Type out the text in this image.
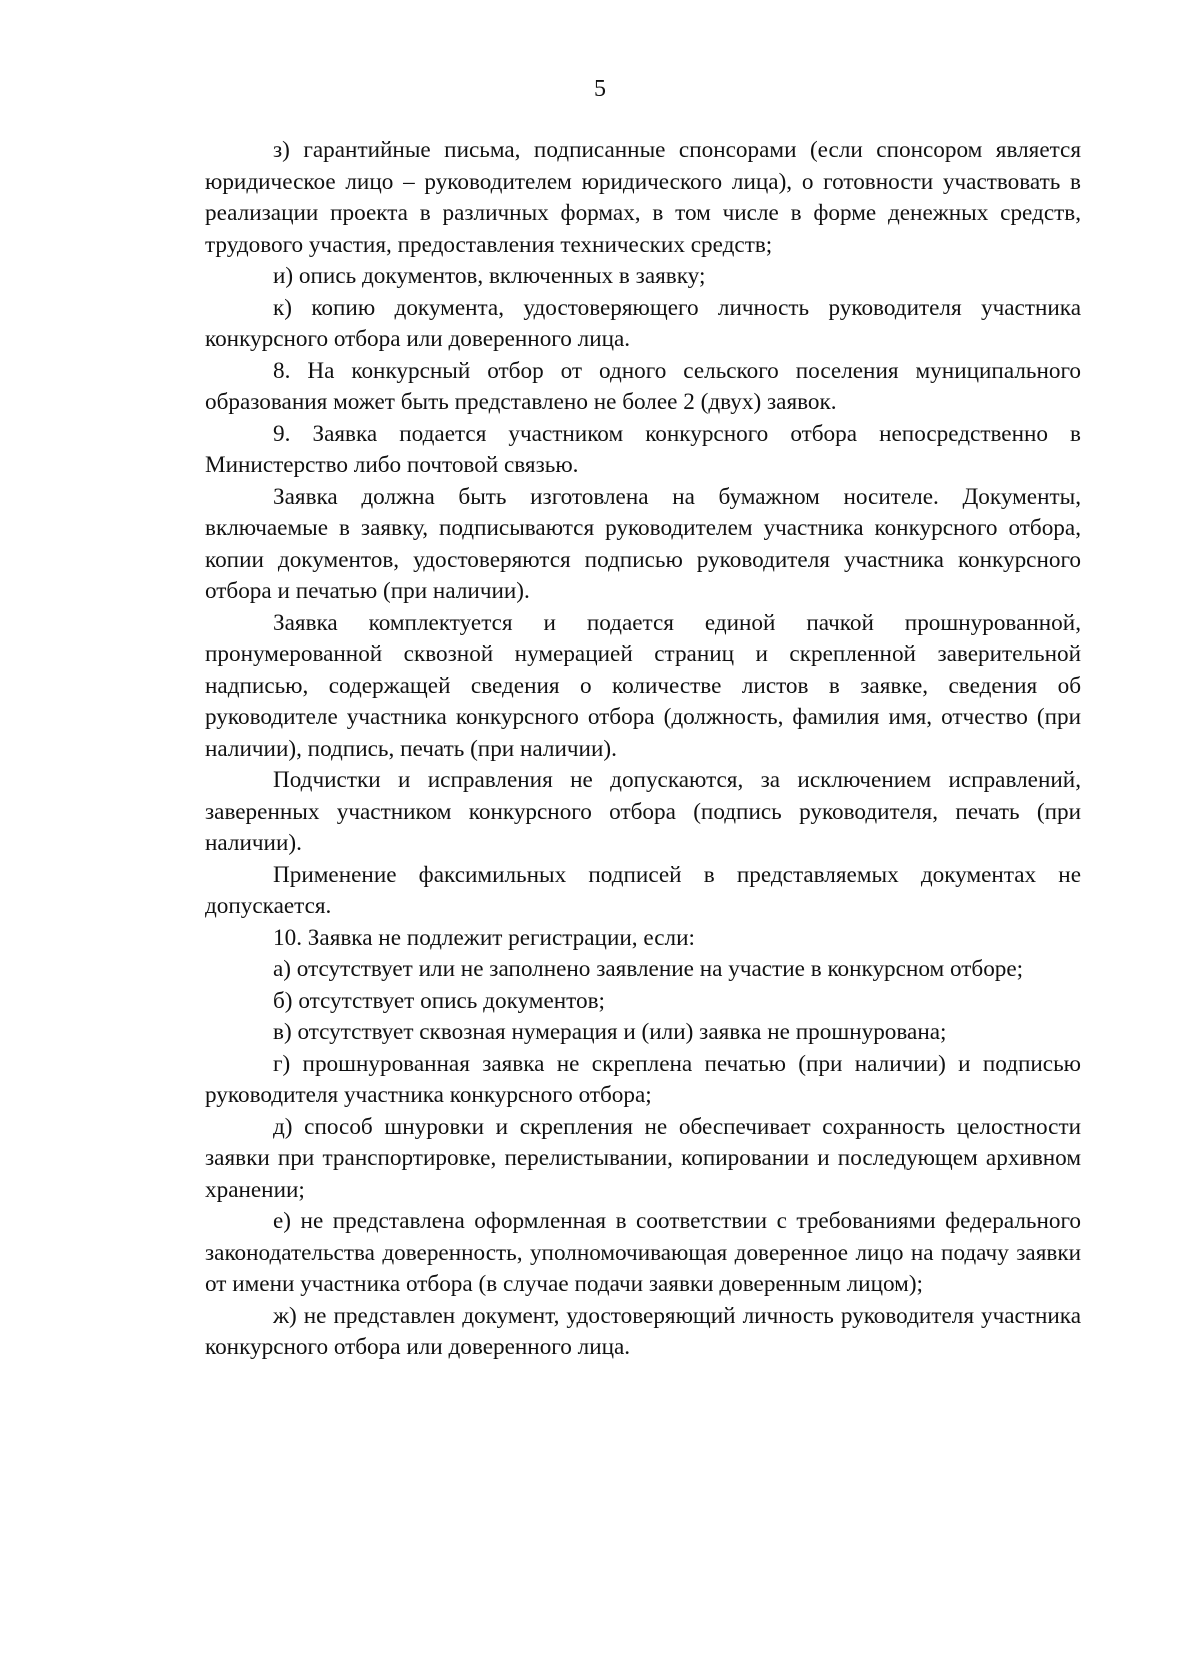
5

з) гарантийные письма, подписанные спонсорами (если спонсором является юридическое лицо – руководителем юридического лица), о готовности участвовать в реализации проекта в различных формах, в том числе в форме денежных средств, трудового участия, предоставления технических средств;

и) опись документов, включенных в заявку;

к) копию документа, удостоверяющего личность руководителя участника конкурсного отбора или доверенного лица.

8. На конкурсный отбор от одного сельского поселения муниципального образования может быть представлено не более 2 (двух) заявок.

9. Заявка подается участником конкурсного отбора непосредственно в Министерство либо почтовой связью.

Заявка должна быть изготовлена на бумажном носителе. Документы, включаемые в заявку, подписываются руководителем участника конкурсного отбора, копии документов, удостоверяются подписью руководителя участника конкурсного отбора и печатью (при наличии).

Заявка комплектуется и подается единой пачкой прошнурованной, пронумерованной сквозной нумерацией страниц и скрепленной заверительной надписью, содержащей сведения о количестве листов в заявке, сведения об руководителе участника конкурсного отбора (должность, фамилия имя, отчество (при наличии), подпись, печать (при наличии).

Подчистки и исправления не допускаются, за исключением исправлений, заверенных участником конкурсного отбора (подпись руководителя, печать (при наличии).

Применение факсимильных подписей в представляемых документах не допускается.

10. Заявка не подлежит регистрации, если:

а) отсутствует или не заполнено заявление на участие в конкурсном отборе;

б) отсутствует опись документов;

в) отсутствует сквозная нумерация и (или) заявка не прошнурована;

г) прошнурованная заявка не скреплена печатью (при наличии) и подписью руководителя участника конкурсного отбора;

д) способ шнуровки и скрепления не обеспечивает сохранность целостности заявки при транспортировке, перелистывании, копировании и последующем архивном хранении;

е) не представлена оформленная в соответствии с требованиями федерального законодательства доверенность, уполномочивающая доверенное лицо на подачу заявки от имени участника отбора (в случае подачи заявки доверенным лицом);

ж) не представлен документ, удостоверяющий личность руководителя участника конкурсного отбора или доверенного лица.
